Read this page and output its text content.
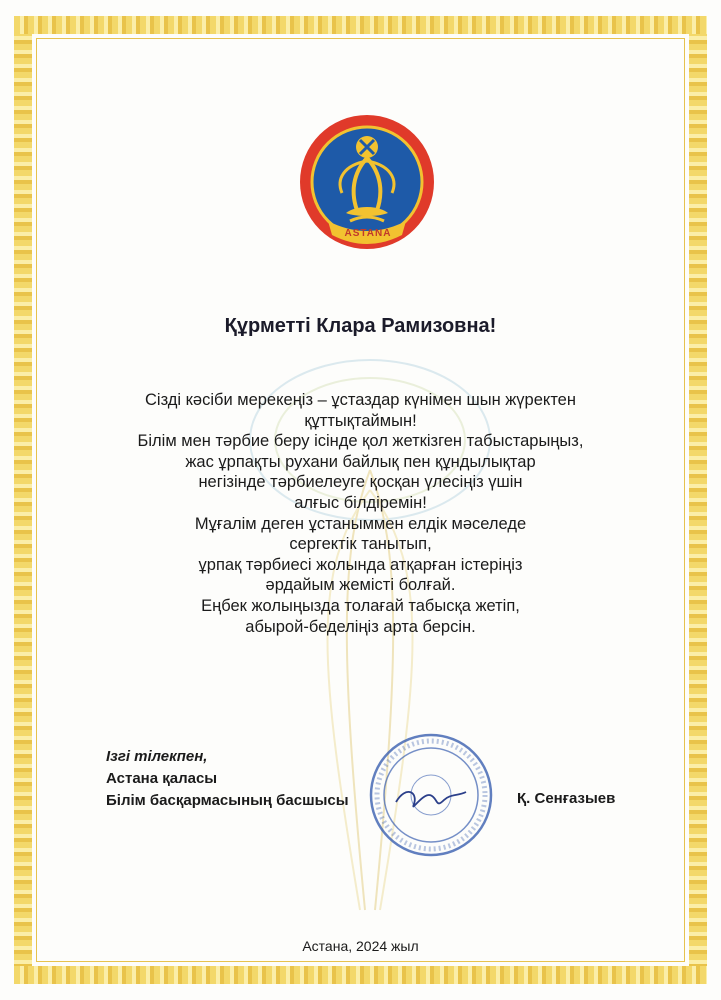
ASTANA
Құрметті Клара Рамизовна!
Сізді кәсіби мерекеңіз – ұстаздар күнімен шын жүректен
құттықтаймын!
Білім мен тәрбие беру ісінде қол жеткізген табыстарыңыз,
жас ұрпақты рухани байлық пен құндылықтар
негізінде тәрбиелеуге қосқан үлесіңіз үшін
алғыс білдіремін!
Мұғалім деген ұстаныммен елдік мәселеде
сергектік танытып,
ұрпақ тәрбиесі жолында атқарған істеріңіз
әрдайым жемісті болғай.
Еңбек жолыңызда толағай табысқа жетіп,
абырой-беделіңіз арта берсін.
Ізгі тілекпен,
Астана қаласы
Білім басқармасының басшысы	Қ. Сенғазыев
Астана, 2024 жыл
